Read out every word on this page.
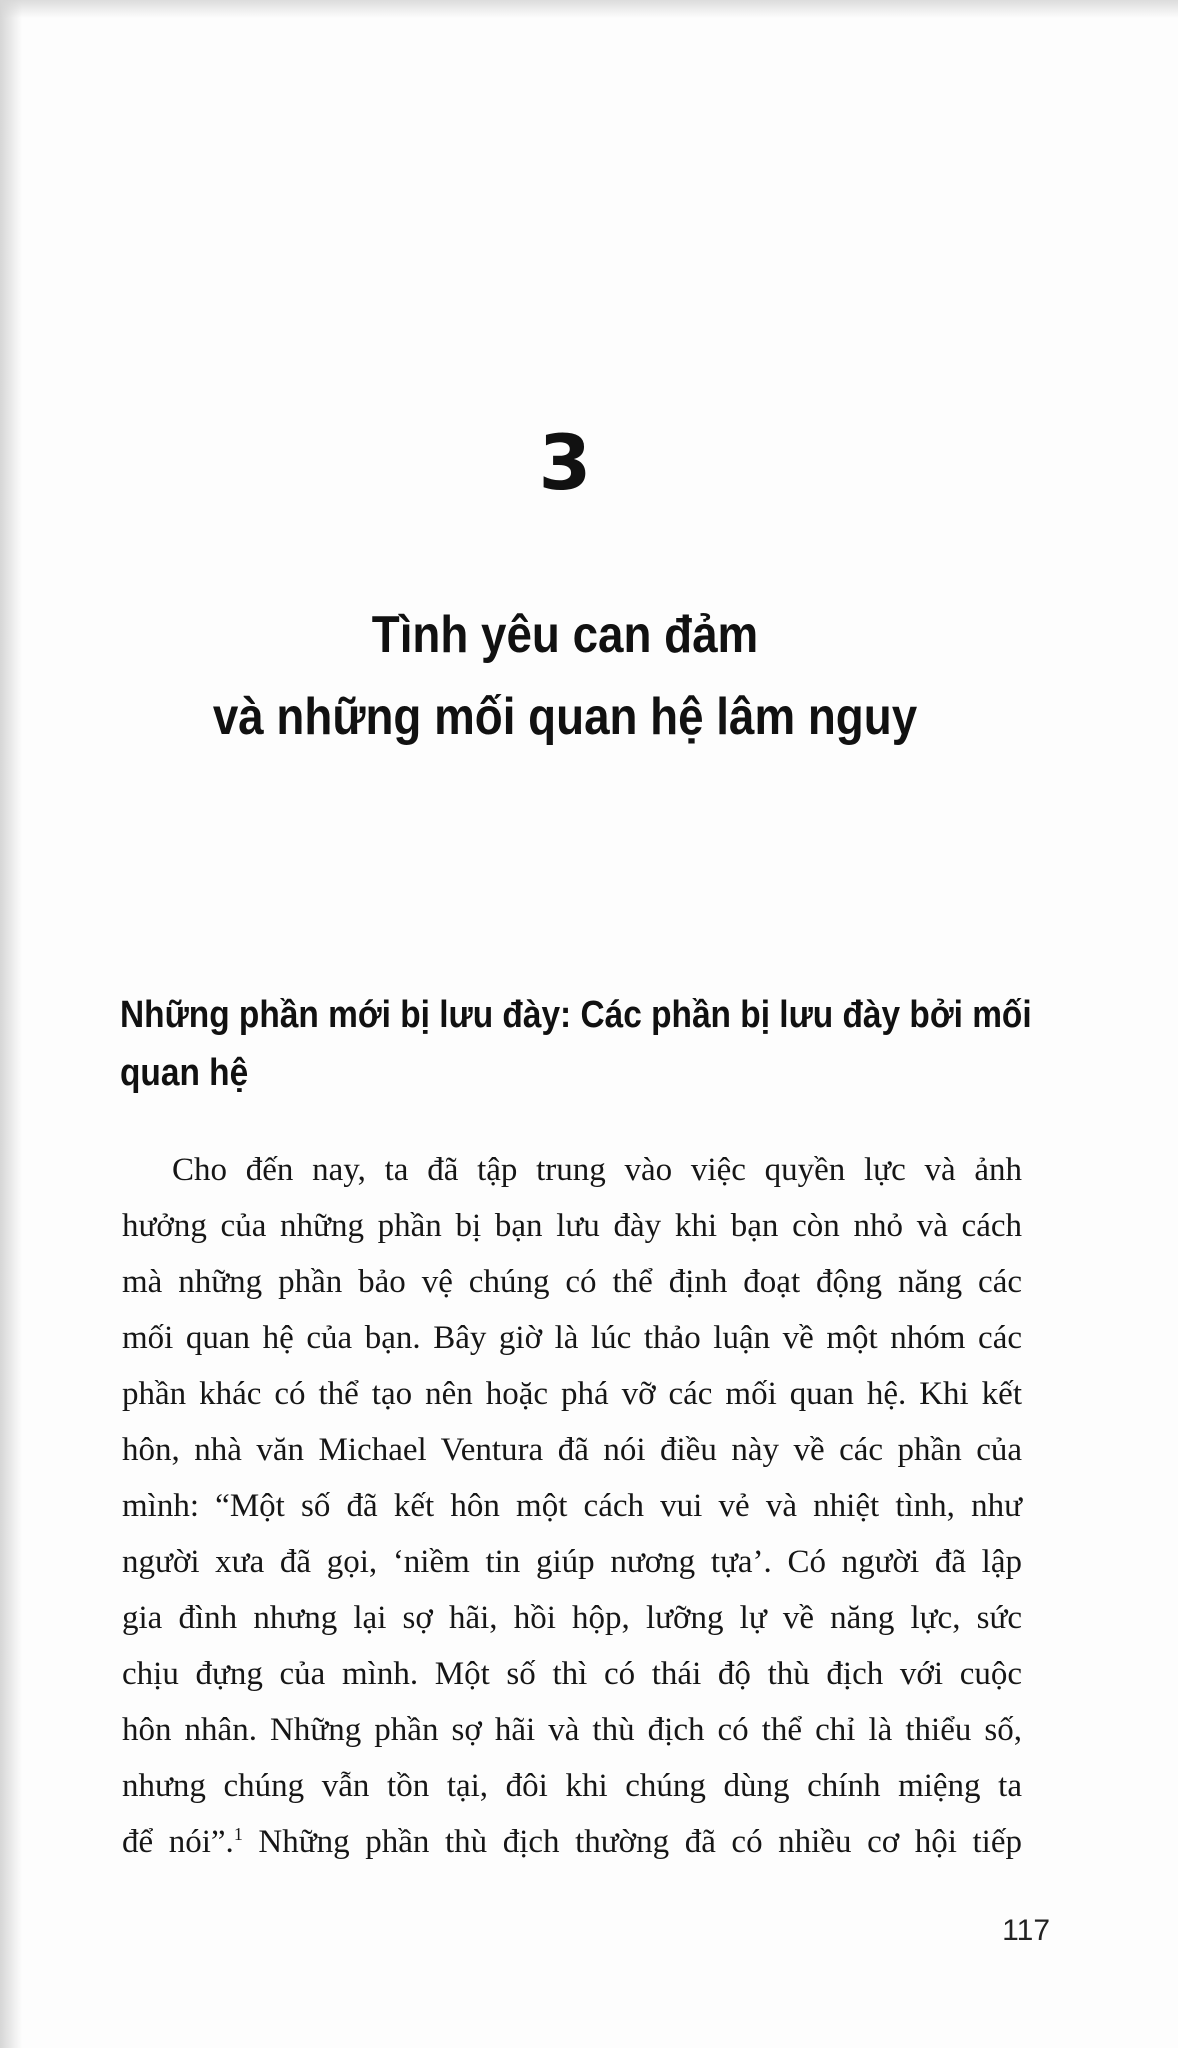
3
Tình yêu can đảm
và những mối quan hệ lâm nguy
Những phần mới bị lưu đày: Các phần bị lưu đày bởi mối
quan hệ
Cho đến nay, ta đã tập trung vào việc quyền lực và ảnh
hưởng của những phần bị bạn lưu đày khi bạn còn nhỏ và cách
mà những phần bảo vệ chúng có thể định đoạt động năng các
mối quan hệ của bạn. Bây giờ là lúc thảo luận về một nhóm các
phần khác có thể tạo nên hoặc phá vỡ các mối quan hệ. Khi kết
hôn, nhà văn Michael Ventura đã nói điều này về các phần của
mình: “Một số đã kết hôn một cách vui vẻ và nhiệt tình, như
người xưa đã gọi, ‘niềm tin giúp nương tựa’. Có người đã lập
gia đình nhưng lại sợ hãi, hồi hộp, lưỡng lự về năng lực, sức
chịu đựng của mình. Một số thì có thái độ thù địch với cuộc
hôn nhân. Những phần sợ hãi và thù địch có thể chỉ là thiểu số,
nhưng chúng vẫn tồn tại, đôi khi chúng dùng chính miệng ta
để nói”.$^1$ Những phần thù địch thường đã có nhiều cơ hội tiếp
117
